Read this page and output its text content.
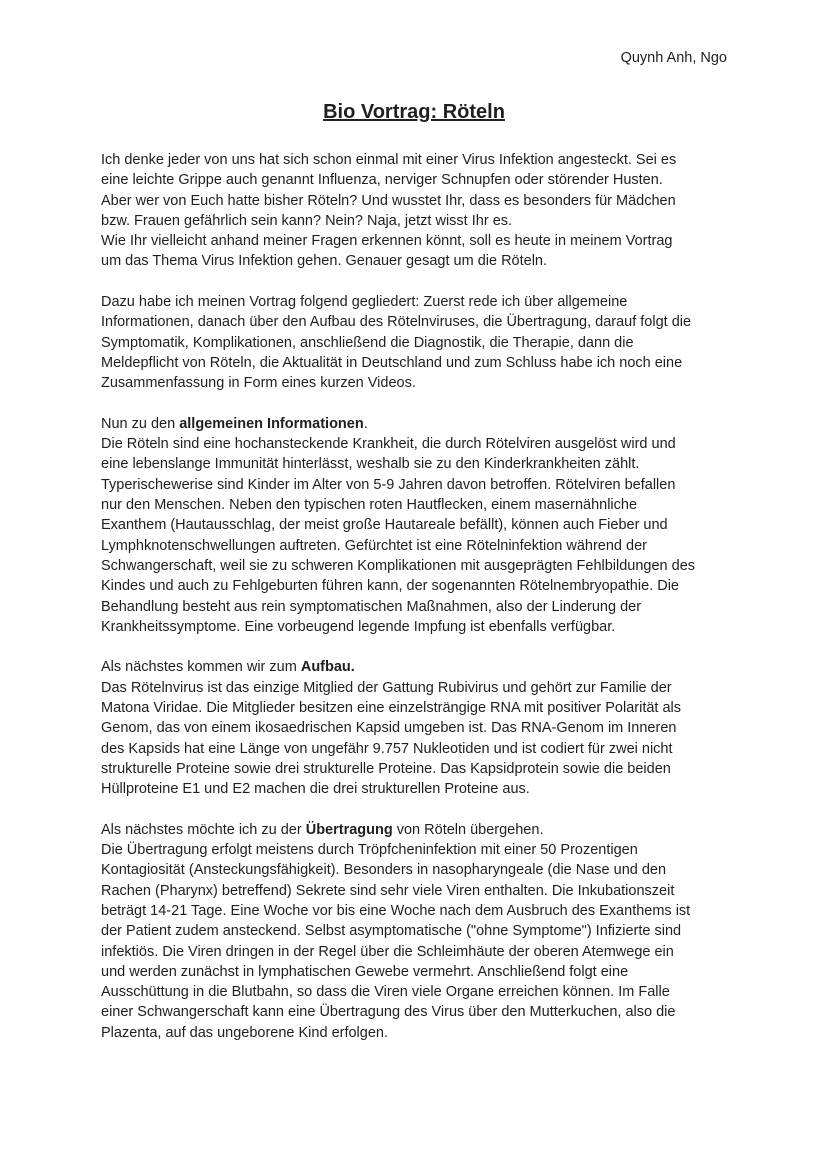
Quynh Anh, Ngo
Bio Vortrag: Röteln
Ich denke jeder von uns hat sich schon einmal mit einer Virus Infektion angesteckt. Sei es
eine leichte Grippe auch genannt Influenza, nerviger Schnupfen oder störender Husten.
Aber wer von Euch hatte bisher Röteln? Und wusstet Ihr, dass es besonders für Mädchen
bzw. Frauen gefährlich sein kann? Nein? Naja, jetzt wisst Ihr es.
Wie Ihr vielleicht anhand meiner Fragen erkennen könnt, soll es heute in meinem Vortrag
um das Thema Virus Infektion gehen. Genauer gesagt um die Röteln.
Dazu habe ich meinen Vortrag folgend gegliedert: Zuerst rede ich über allgemeine
Informationen, danach über den Aufbau des Rötelnviruses, die Übertragung, darauf folgt die
Symptomatik, Komplikationen, anschließend die Diagnostik, die Therapie, dann die
Meldepflicht von Röteln, die Aktualität in Deutschland und zum Schluss habe ich noch eine
Zusammenfassung in Form eines kurzen Videos.
Nun zu den allgemeinen Informationen.
Die Röteln sind eine hochansteckende Krankheit, die durch Rötelviren ausgelöst wird und
eine lebenslange Immunität hinterlässt, weshalb sie zu den Kinderkrankheiten zählt.
Typerischewerise sind Kinder im Alter von 5-9 Jahren davon betroffen. Rötelviren befallen
nur den Menschen. Neben den typischen roten Hautflecken, einem masernähnliche
Exanthem (Hautausschlag, der meist große Hautareale befällt), können auch Fieber und
Lymphknotenschwellungen auftreten. Gefürchtet ist eine Rötelninfektion während der
Schwangerschaft, weil sie zu schweren Komplikationen mit ausgeprägten Fehlbildungen des
Kindes und auch zu Fehlgeburten führen kann, der sogenannten Rötelnembryopathie. Die
Behandlung besteht aus rein symptomatischen Maßnahmen, also der Linderung der
Krankheitssymptome. Eine vorbeugend legende Impfung ist ebenfalls verfügbar.
Als nächstes kommen wir zum Aufbau.
Das Rötelnvirus ist das einzige Mitglied der Gattung Rubivirus und gehört zur Familie der
Matona Viridae. Die Mitglieder besitzen eine einzelsträngige RNA mit positiver Polarität als
Genom, das von einem ikosaedrischen Kapsid umgeben ist. Das RNA-Genom im Inneren
des Kapsids hat eine Länge von ungefähr 9.757 Nukleotiden und ist codiert für zwei nicht
strukturelle Proteine sowie drei strukturelle Proteine. Das Kapsidprotein sowie die beiden
Hüllproteine E1 und E2 machen die drei strukturellen Proteine aus.
Als nächstes möchte ich zu der Übertragung von Röteln übergehen.
Die Übertragung erfolgt meistens durch Tröpfcheninfektion mit einer 50 Prozentigen
Kontagiosität (Ansteckungsfähigkeit). Besonders in nasopharyngeale (die Nase und den
Rachen (Pharynx) betreffend) Sekrete sind sehr viele Viren enthalten. Die Inkubationszeit
beträgt 14-21 Tage. Eine Woche vor bis eine Woche nach dem Ausbruch des Exanthems ist
der Patient zudem ansteckend. Selbst asymptomatische ("ohne Symptome") Infizierte sind
infektiös. Die Viren dringen in der Regel über die Schleimhäute der oberen Atemwege ein
und werden zunächst in lymphatischen Gewebe vermehrt. Anschließend folgt eine
Ausschüttung in die Blutbahn, so dass die Viren viele Organe erreichen können. Im Falle
einer Schwangerschaft kann eine Übertragung des Virus über den Mutterkuchen, also die
Plazenta, auf das ungeborene Kind erfolgen.
